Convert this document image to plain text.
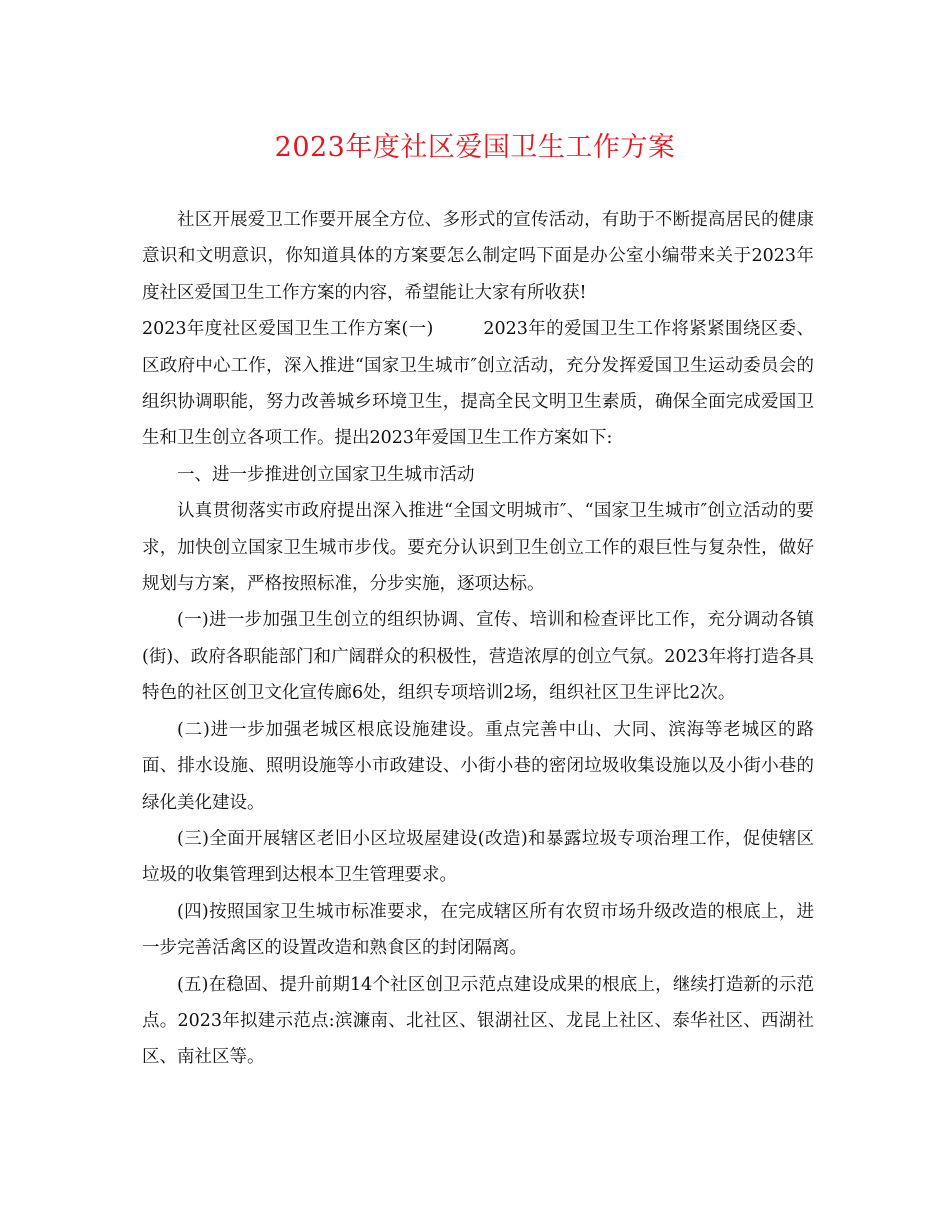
2023年度社区爱国卫生工作方案

社区开展爱卫工作要开展全方位、多形式的宣传活动，有助于不断提高居民的健康意识和文明意识，你知道具体的方案要怎么制定吗下面是办公室小编带来关于2023年度社区爱国卫生工作方案的内容，希望能让大家有所收获!

2023年度社区爱国卫生工作方案(一)	2023年的爱国卫生工作将紧紧围绕区委、区政府中心工作，深入推进“国家卫生城市″创立活动，充分发挥爱国卫生运动委员会的组织协调职能，努力改善城乡环境卫生，提高全民文明卫生素质，确保全面完成爱国卫生和卫生创立各项工作。提出2023年爱国卫生工作方案如下:

一、进一步推进创立国家卫生城市活动

认真贯彻落实市政府提出深入推进“全国文明城市″、“国家卫生城市″创立活动的要求，加快创立国家卫生城市步伐。要充分认识到卫生创立工作的艰巨性与复杂性，做好规划与方案，严格按照标准，分步实施，逐项达标。

(一)进一步加强卫生创立的组织协调、宣传、培训和检查评比工作，充分调动各镇(街)、政府各职能部门和广阔群众的积极性，营造浓厚的创立气氛。2023年将打造各具特色的社区创卫文化宣传廊6处，组织专项培训2场，组织社区卫生评比2次。

(二)进一步加强老城区根底设施建设。重点完善中山、大同、滨海等老城区的路面、排水设施、照明设施等小市政建设、小街小巷的密闭垃圾收集设施以及小街小巷的绿化美化建设。

(三)全面开展辖区老旧小区垃圾屋建设(改造)和暴露垃圾专项治理工作，促使辖区垃圾的收集管理到达根本卫生管理要求。

(四)按照国家卫生城市标准要求，在完成辖区所有农贸市场升级改造的根底上，进一步完善活禽区的设置改造和熟食区的封闭隔离。

(五)在稳固、提升前期14个社区创卫示范点建设成果的根底上，继续打造新的示范点。2023年拟建示范点:滨濂南、北社区、银湖社区、龙昆上社区、泰华社区、西湖社区、南社区等。
